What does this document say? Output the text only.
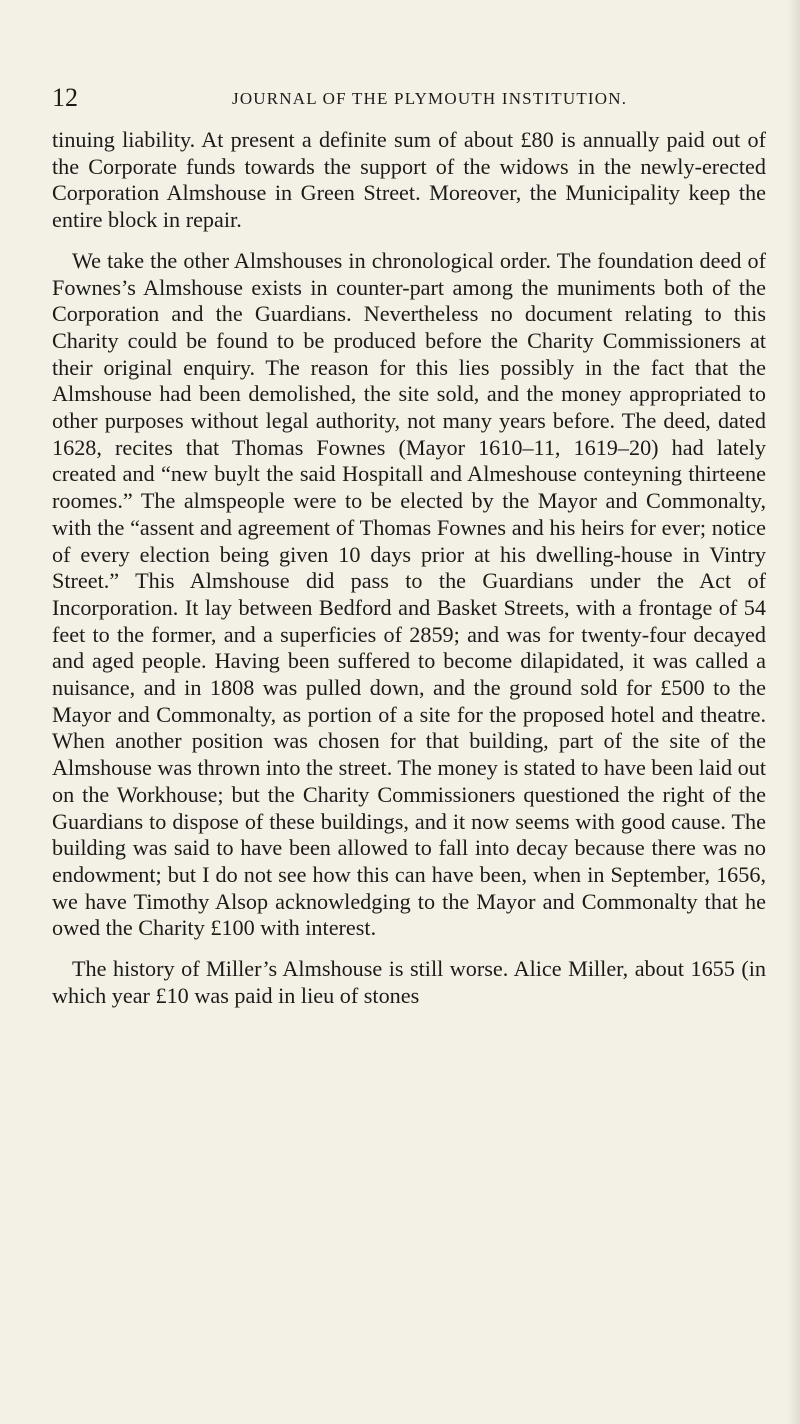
12	JOURNAL OF THE PLYMOUTH INSTITUTION.

tinuing liability. At present a definite sum of about £80 is annually paid out of the Corporate funds towards the support of the widows in the newly-erected Corporation Almshouse in Green Street. Moreover, the Municipality keep the entire block in repair.

We take the other Almshouses in chronological order. The foundation deed of Fownes’s Almshouse exists in counter-part among the muniments both of the Corporation and the Guardians. Nevertheless no document relating to this Charity could be found to be produced before the Charity Commissioners at their original enquiry. The reason for this lies possibly in the fact that the Almshouse had been demolished, the site sold, and the money appropriated to other purposes without legal authority, not many years before. The deed, dated 1628, recites that Thomas Fownes (Mayor 1610–11, 1619–20) had lately created and “new buylt the said Hospitall and Almeshouse conteyning thirteene roomes.” The almspeople were to be elected by the Mayor and Commonalty, with the “assent and agreement of Thomas Fownes and his heirs for ever; notice of every election being given 10 days prior at his dwelling-house in Vintry Street.” This Almshouse did pass to the Guardians under the Act of Incorporation. It lay between Bedford and Basket Streets, with a frontage of 54 feet to the former, and a superficies of 2859; and was for twenty-four decayed and aged people. Having been suffered to become dilapidated, it was called a nuisance, and in 1808 was pulled down, and the ground sold for £500 to the Mayor and Commonalty, as portion of a site for the proposed hotel and theatre. When another position was chosen for that building, part of the site of the Almshouse was thrown into the street. The money is stated to have been laid out on the Workhouse; but the Charity Commissioners questioned the right of the Guardians to dispose of these buildings, and it now seems with good cause. The building was said to have been allowed to fall into decay because there was no endowment; but I do not see how this can have been, when in September, 1656, we have Timothy Alsop acknowledging to the Mayor and Commonalty that he owed the Charity £100 with interest.

The history of Miller’s Almshouse is still worse. Alice Miller, about 1655 (in which year £10 was paid in lieu of stones
